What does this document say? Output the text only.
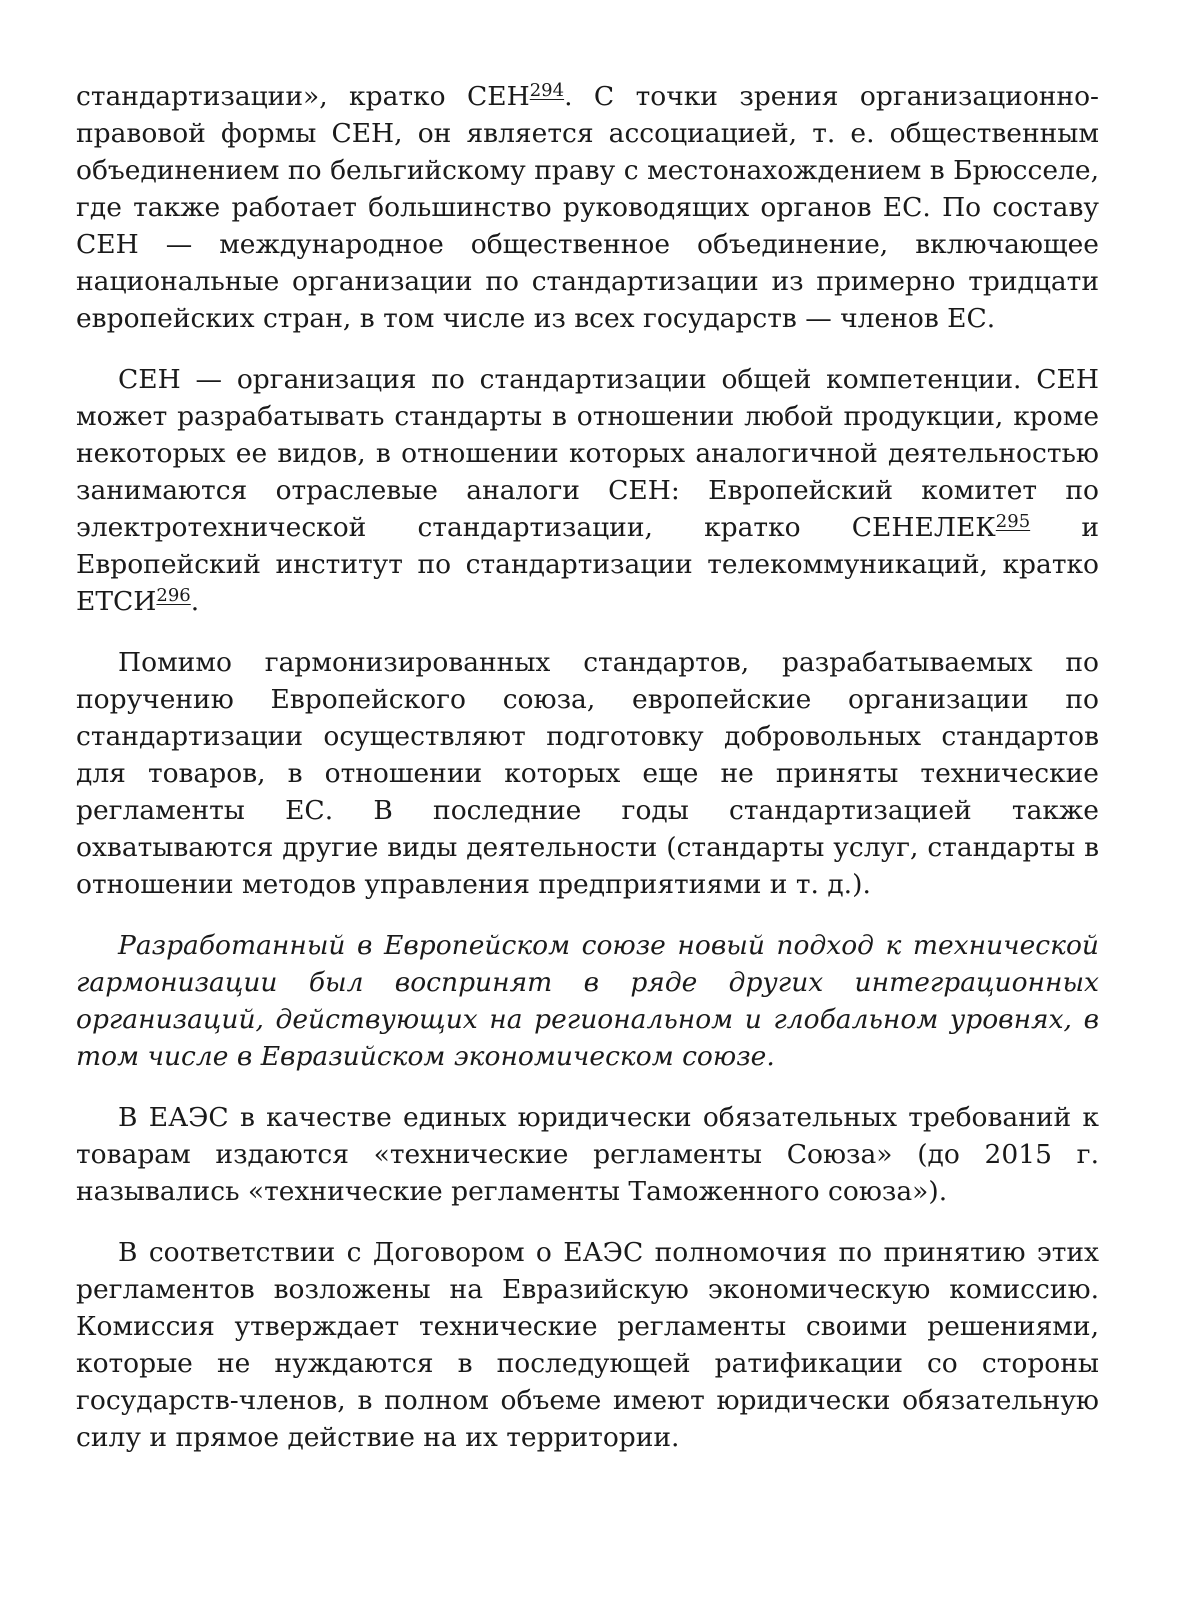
стандартизации», кратко СЕН$^{294}$. С точки зрения организационно-правовой формы СЕН, он является ассоциацией, т. е. общественным объединением по бельгийскому праву с местонахождением в Брюсселе, где также работает большинство руководящих органов ЕС. По составу СЕН — международное общественное объединение, включающее национальные организации по стандартизации из примерно тридцати европейских стран, в том числе из всех государств — членов ЕС.

СЕН — организация по стандартизации общей компетенции. СЕН может разрабатывать стандарты в отношении любой продукции, кроме некоторых ее видов, в отношении которых аналогичной деятельностью занимаются отраслевые аналоги СЕН: Европейский комитет по электротехнической стандартизации, кратко СЕНЕЛЕК$^{295}$ и Европейский институт по стандартизации телекоммуникаций, кратко ЕТСИ$^{296}$.

Помимо гармонизированных стандартов, разрабатываемых по поручению Европейского союза, европейские организации по стандартизации осуществляют подготовку добровольных стандартов для товаров, в отношении которых еще не приняты технические регламенты ЕС. В последние годы стандартизацией также охватываются другие виды деятельности (стандарты услуг, стандарты в отношении методов управления предприятиями и т. д.).

Разработанный в Европейском союзе новый подход к технической гармонизации был воспринят в ряде других интеграционных организаций, действующих на региональном и глобальном уровнях, в том числе в Евразийском экономическом союзе.

В ЕАЭС в качестве единых юридически обязательных требований к товарам издаются «технические регламенты Союза» (до 2015 г. назывались «технические регламенты Таможенного союза»).

В соответствии с Договором о ЕАЭС полномочия по принятию этих регламентов возложены на Евразийскую экономическую комиссию. Комиссия утверждает технические регламенты своими решениями, которые не нуждаются в последующей ратификации со стороны государств-членов, в полном объеме имеют юридически обязательную силу и прямое действие на их территории.
